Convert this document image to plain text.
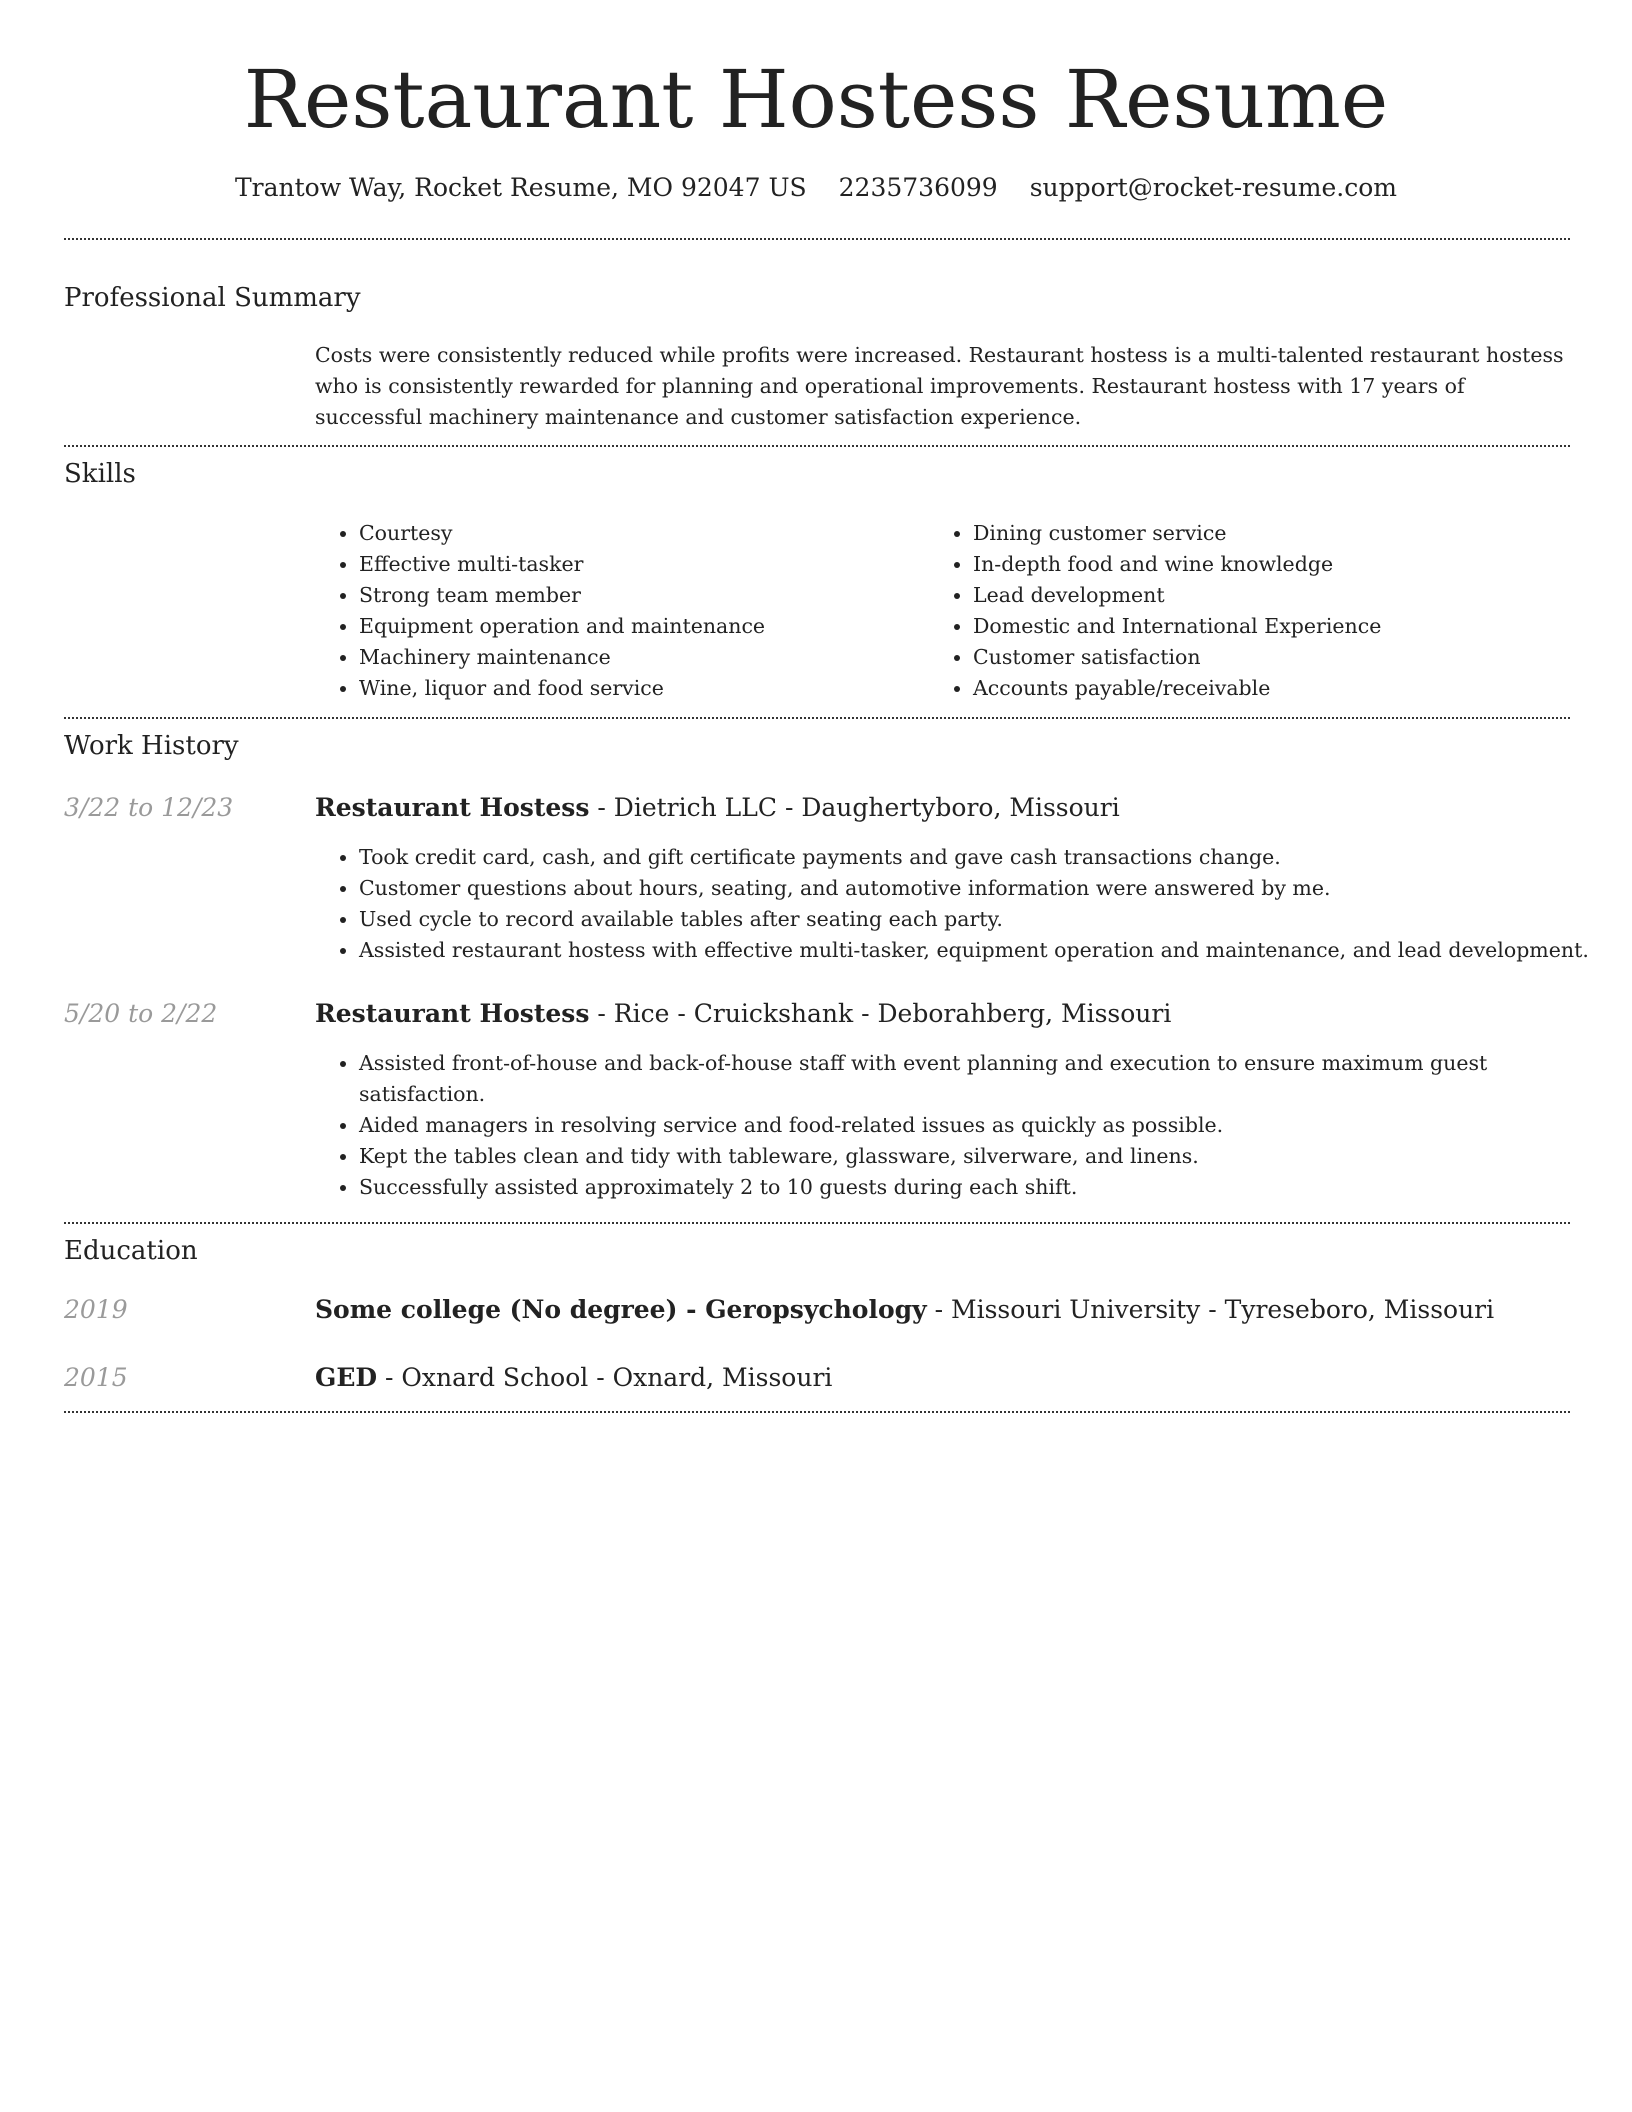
Restaurant Hostess Resume
Trantow Way, Rocket Resume, MO 92047 US 2235736099 support@rocket-resume.com
Professional Summary
Costs were consistently reduced while profits were increased. Restaurant hostess is a multi-talented restaurant hostess who is consistently rewarded for planning and operational improvements. Restaurant hostess with 17 years of successful machinery maintenance and customer satisfaction experience.
Skills
• Courtesy
• Effective multi-tasker
• Strong team member
• Equipment operation and maintenance
• Machinery maintenance
• Wine, liquor and food service
• Dining customer service
• In-depth food and wine knowledge
• Lead development
• Domestic and International Experience
• Customer satisfaction
• Accounts payable/receivable
Work History
3/22 to 12/23	Restaurant Hostess - Dietrich LLC - Daughertyboro, Missouri
• Took credit card, cash, and gift certificate payments and gave cash transactions change.
• Customer questions about hours, seating, and automotive information were answered by me.
• Used cycle to record available tables after seating each party.
• Assisted restaurant hostess with effective multi-tasker, equipment operation and maintenance, and lead development.
5/20 to 2/22	Restaurant Hostess - Rice - Cruickshank - Deborahberg, Missouri
• Assisted front-of-house and back-of-house staff with event planning and execution to ensure maximum guest satisfaction.
• Aided managers in resolving service and food-related issues as quickly as possible.
• Kept the tables clean and tidy with tableware, glassware, silverware, and linens.
• Successfully assisted approximately 2 to 10 guests during each shift.
Education
2019	Some college (No degree) - Geropsychology - Missouri University - Tyreseboro, Missouri
2015	GED - Oxnard School - Oxnard, Missouri
